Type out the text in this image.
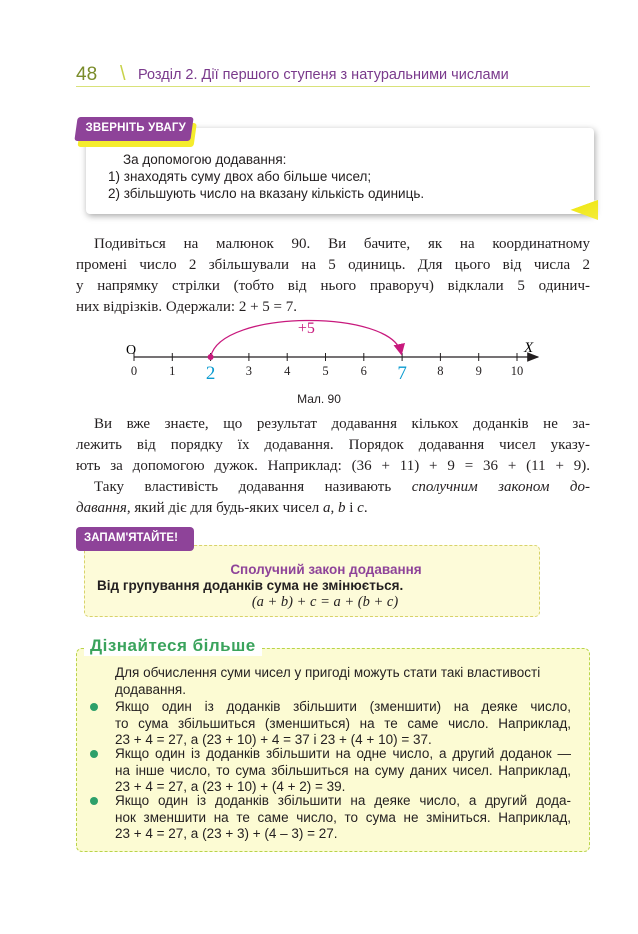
48 \ Розділ 2. Дії першого ступеня з натуральними числами
ЗВЕРНІТЬ УВАГУ
За допомогою додавання:
1) знаходять суму двох або більше чисел;
2) збільшують число на вказану кількість одиниць.
Подивіться на малюнок 90. Ви бачите, як на координатному
промені число 2 збільшували на 5 одиниць. Для цього від числа 2
у напрямку стрілки (тобто від нього праворуч) відклали 5 одинич-
них відрізків. Одержали: 2 + 5 = 7.
O	X
0	1 2 3	4	5	6 7 8	9 10
+5
Мал. 90
Ви вже знаєте, що результат додавання кількох доданків не за-
лежить від порядку їх додавання. Порядок додавання чисел указу-
ють за допомогою дужок. Наприклад: (36 + 11) + 9 = 36 + (11 + 9).
Таку властивість додавання називають сполучним законом до-
давання, який діє для будь-яких чисел a, b і c.
ЗАПАМ'ЯТАЙТЕ!
Сполучний закон додавання
Від групування доданків сума не змінюється.
(a + b) + c = a + (b + c)
Дізнайтеся більше
Для обчислення суми чисел у пригоді можуть стати такі властивості
додавання.
Якщо один із доданків збільшити (зменшити) на деяке число,
то сума збільшиться (зменшиться) на те саме число. Наприклад,
23 + 4 = 27, а (23 + 10) + 4 = 37 і 23 + (4 + 10) = 37.
Якщо один із доданків збільшити на одне число, а другий доданок —
на інше число, то сума збільшиться на суму даних чисел. Наприклад,
23 + 4 = 27, а (23 + 10) + (4 + 2) = 39.
Якщо один із доданків збільшити на деяке число, а другий дода-
нок зменшити на те саме число, то сума не зміниться. Наприклад,
23 + 4 = 27, а (23 + 3) + (4 – 3) = 27.
